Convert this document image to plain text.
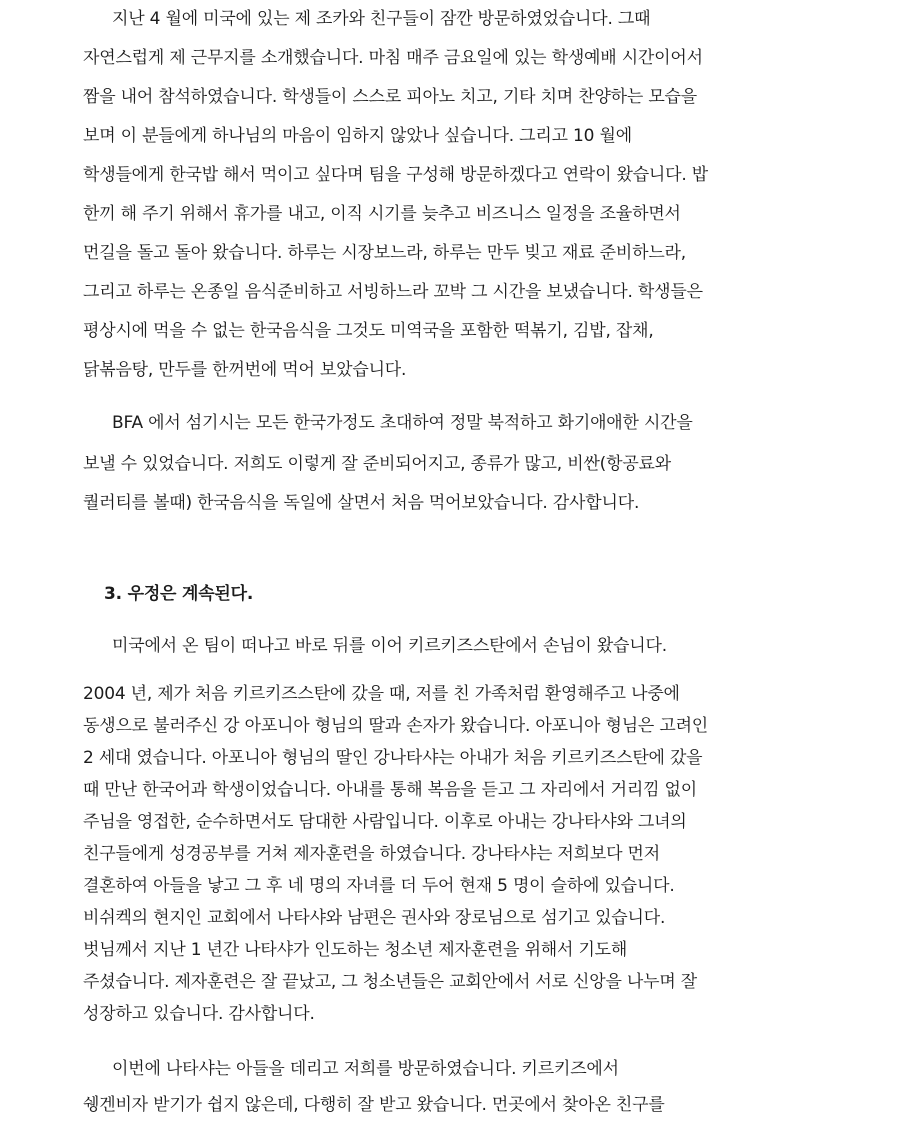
지난 4 월에 미국에 있는 제 조카와 친구들이 잠깐 방문하였었습니다. 그때

자연스럽게 제 근무지를 소개했습니다. 마침 매주 금요일에 있는 학생예배 시간이어서

짬을 내어 참석하였습니다. 학생들이 스스로 피아노 치고, 기타 치며 찬양하는 모습을

보며 이 분들에게 하나님의 마음이 임하지 않았나 싶습니다. 그리고 10 월에

학생들에게 한국밥 해서 먹이고 싶다며 팀을 구성해 방문하겠다고 연락이 왔습니다. 밥

한끼 해 주기 위해서 휴가를 내고, 이직 시기를 늦추고 비즈니스 일정을 조율하면서

먼길을 돌고 돌아 왔습니다. 하루는 시장보느라, 하루는 만두 빚고 재료 준비하느라,

그리고 하루는 온종일 음식준비하고 서빙하느라 꼬박 그 시간을 보냈습니다. 학생들은

평상시에 먹을 수 없는 한국음식을 그것도 미역국을 포함한 떡볶기, 김밥, 잡채,

닭볶음탕, 만두를 한꺼번에 먹어 보았습니다.

BFA 에서 섬기시는 모든 한국가정도 초대하여 정말 북적하고 화기애애한 시간을

보낼 수 있었습니다. 저희도 이렇게 잘 준비되어지고, 종류가 많고, 비싼(항공료와

퀄러티를 볼때) 한국음식을 독일에 살면서 처음 먹어보았습니다. 감사합니다.

3. 우정은 계속된다.

미국에서 온 팀이 떠나고 바로 뒤를 이어 키르키즈스탄에서 손님이 왔습니다.

2004 년, 제가 처음 키르키즈스탄에 갔을 때, 저를 친 가족처럼 환영해주고 나중에

동생으로 불러주신 강 아포니아 형님의 딸과 손자가 왔습니다. 아포니아 형님은 고려인

2 세대 였습니다. 아포니아 형님의 딸인 강나타샤는 아내가 처음 키르키즈스탄에 갔을

때 만난 한국어과 학생이었습니다. 아내를 통해 복음을 듣고 그 자리에서 거리낌 없이

주님을 영접한, 순수하면서도 담대한 사람입니다. 이후로 아내는 강나타샤와 그녀의

친구들에게 성경공부를 거쳐 제자훈련을 하였습니다. 강나타샤는 저희보다 먼저

결혼하여 아들을 낳고 그 후 네 명의 자녀를 더 두어 현재 5 명이 슬하에 있습니다.

비쉬켁의 현지인 교회에서 나타샤와 남편은 권사와 장로님으로 섬기고 있습니다.

벗님께서 지난 1 년간 나타샤가 인도하는 청소년 제자훈련을 위해서 기도해

주셨습니다. 제자훈련은 잘 끝났고, 그 청소년들은 교회안에서 서로 신앙을 나누며 잘

성장하고 있습니다. 감사합니다.

이번에 나타샤는 아들을 데리고 저희를 방문하였습니다. 키르키즈에서

쉥겐비자 받기가 쉽지 않은데, 다행히 잘 받고 왔습니다. 먼곳에서 찾아온 친구를
